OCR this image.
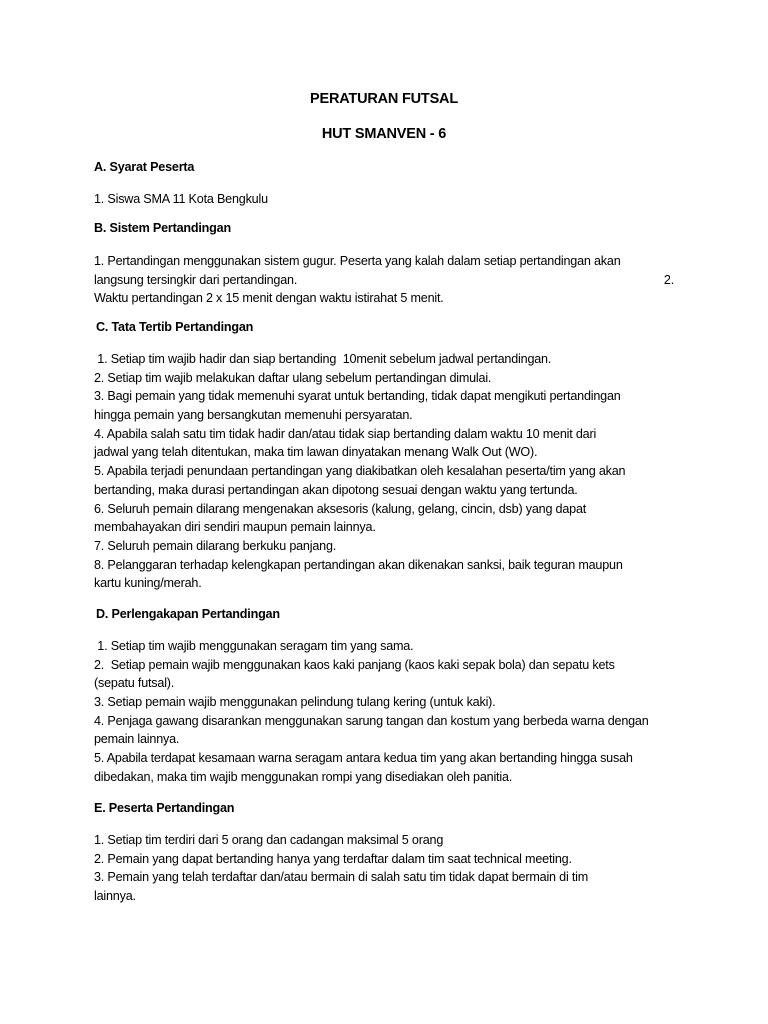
PERATURAN FUTSAL
HUT SMANVEN - 6
A. Syarat Peserta
1. Siswa SMA 11 Kota Bengkulu
B. Sistem Pertandingan
1. Pertandingan menggunakan sistem gugur. Peserta yang kalah dalam setiap pertandingan akan
langsung tersingkir dari pertandingan.	2.
Waktu pertandingan 2 x 15 menit dengan waktu istirahat 5 menit.
C. Tata Tertib Pertandingan
1. Setiap tim wajib hadir dan siap bertanding  10menit sebelum jadwal pertandingan.
2. Setiap tim wajib melakukan daftar ulang sebelum pertandingan dimulai.
3. Bagi pemain yang tidak memenuhi syarat untuk bertanding, tidak dapat mengikuti pertandingan
hingga pemain yang bersangkutan memenuhi persyaratan.
4. Apabila salah satu tim tidak hadir dan/atau tidak siap bertanding dalam waktu 10 menit dari
jadwal yang telah ditentukan, maka tim lawan dinyatakan menang Walk Out (WO).
5. Apabila terjadi penundaan pertandingan yang diakibatkan oleh kesalahan peserta/tim yang akan
bertanding, maka durasi pertandingan akan dipotong sesuai dengan waktu yang tertunda.
6. Seluruh pemain dilarang mengenakan aksesoris (kalung, gelang, cincin, dsb) yang dapat
membahayakan diri sendiri maupun pemain lainnya.
7. Seluruh pemain dilarang berkuku panjang.
8. Pelanggaran terhadap kelengkapan pertandingan akan dikenakan sanksi, baik teguran maupun
kartu kuning/merah.
D. Perlengakapan Pertandingan
1. Setiap tim wajib menggunakan seragam tim yang sama.
2.  Setiap pemain wajib menggunakan kaos kaki panjang (kaos kaki sepak bola) dan sepatu kets
(sepatu futsal).
3. Setiap pemain wajib menggunakan pelindung tulang kering (untuk kaki).
4. Penjaga gawang disarankan menggunakan sarung tangan dan kostum yang berbeda warna dengan
pemain lainnya.
5. Apabila terdapat kesamaan warna seragam antara kedua tim yang akan bertanding hingga susah
dibedakan, maka tim wajib menggunakan rompi yang disediakan oleh panitia.
E. Peserta Pertandingan
1. Setiap tim terdiri dari 5 orang dan cadangan maksimal 5 orang
2. Pemain yang dapat bertanding hanya yang terdaftar dalam tim saat technical meeting.
3. Pemain yang telah terdaftar dan/atau bermain di salah satu tim tidak dapat bermain di tim
lainnya.
